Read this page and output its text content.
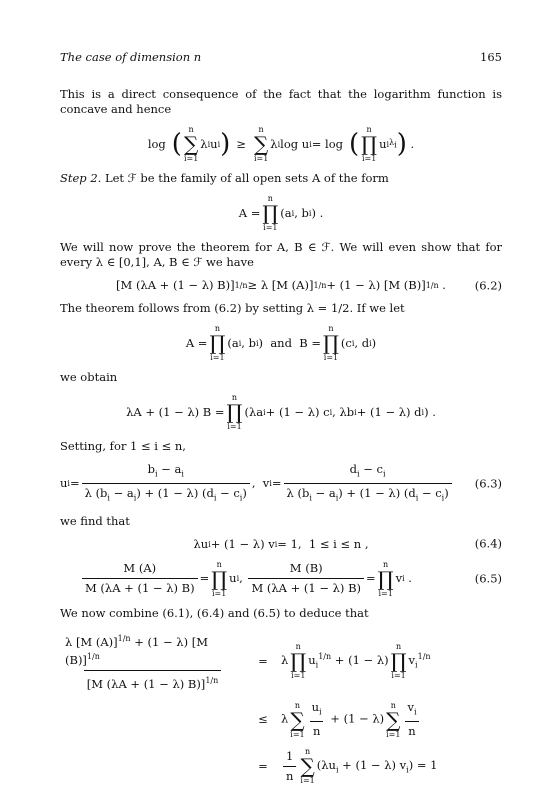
The case of dimension n	165

This is a direct consequence of the fact that the logarithm function is concave and hence

log ( n
∑
i=1
λ i u i ) ≥
n
∑
i=1
λ i log u i = log ( n
∏
i=1
u i $\lambda_i$ ) .

Step 2. Let ℱ be the family of all open sets A of the form

A =
n
∏
i=1
(a i , b i ) .

We will now prove the theorem for A, B ∈ ℱ. We will even show that for every λ ∈ [0,1], A, B ∈ ℱ we have

[M (λA + (1 − λ) B)] 1/n ≥ λ [M (A)] 1/n + (1 − λ) [M (B)] 1/n .	(6.2)

The theorem follows from (6.2) by setting λ = 1/2. If we let

A =
n
∏
i=1
(a i , b i )  and  B =
n
∏
i=1
(c i , d i )

we obtain

λA + (1 − λ) B =
n
∏
i=1
(λa i + (1 − λ) c i , λb i + (1 − λ) d i ) .

Setting, for 1 ≤ i ≤ n,

u $i = \frac{b_i - a_i}{\lambda (b_i - a_i) + (1 - \lambda) (d_i - c_i)}$ ,  v $i = \frac{d_i - c_i}{\lambda (b_i - a_i) + (1 - \lambda) (d_i - c_i)} (6.3)$

we find that

λu i + (1 − λ) v i = 1,  1 ≤ i ≤ n ,	(6.4)
$\frac{M (A)}{M (\lambda A + (1 - \lambda) B)}$ =
n
∏
i=1
u i , $\frac{M (B)}{M (\lambda A + (1 - \lambda) B)}$ =
n
∏
i=1
v i .	(6.5)

We now combine (6.1), (6.4) and (6.5) to deduce that

$\frac{\lambda [M (A)]^{1/n} + (1 - \lambda) [M (B)]^{1/n}}{[M (\lambda A + (1 - \lambda) B)]^{1/n}}$	=	λ
n
∏
i=1
$u_i^{1/n} + (1 - \lambda)$
n
∏
i=1
$v_i^{1/n}$
≤	λ
n
∑
$i=1 \frac{u_i}{n} + (1 - \lambda)$
n
∑
$i=1 \frac{v_i}{n}$
=	$\frac{1}{n}$ n
∑
i=1
$(\lambda u_i + (1 - \lambda) v_i) = 1$
